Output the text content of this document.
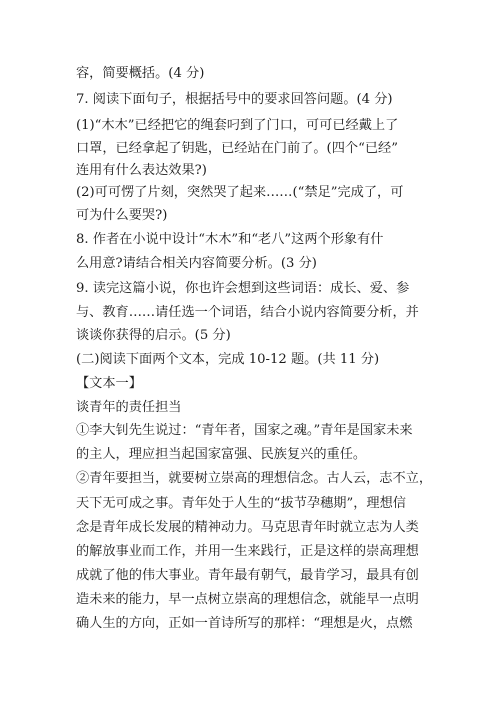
容，简要概括。(4 分)
7. 阅读下面句子，根据括号中的要求回答问题。(4 分)
(1)“木木”已经把它的绳套叼到了门口，可可已经戴上了
口罩，已经拿起了钥匙，已经站在门前了。(四个“已经”
连用有什么表达效果?)
(2)可可愣了片刻，突然哭了起来……(“禁足”完成了，可
可为什么要哭?)
8. 作者在小说中设计“木木”和“老八”这两个形象有什
么用意?请结合相关内容简要分析。(3 分)
9. 读完这篇小说，你也许会想到这些词语：成长、爱、参
与、教育……请任选一个词语，结合小说内容简要分析，并
谈谈你获得的启示。(5 分)
(二)阅读下面两个文本，完成 10-12 题。(共 11 分)
【文本一】
谈青年的责任担当
①李大钊先生说过：“青年者，国家之魂。”青年是国家未来
的主人，理应担当起国家富强、民族复兴的重任。
②青年要担当，就要树立崇高的理想信念。古人云，志不立，
天下无可成之事。青年处于人生的“拔节孕穗期”，理想信
念是青年成长发展的精神动力。马克思青年时就立志为人类
的解放事业而工作，并用一生来践行，正是这样的崇高理想
成就了他的伟大事业。青年最有朝气，最肯学习，最具有创
造未来的能力，早一点树立崇高的理想信念，就能早一点明
确人生的方向，正如一首诗所写的那样：“理想是火，点燃
